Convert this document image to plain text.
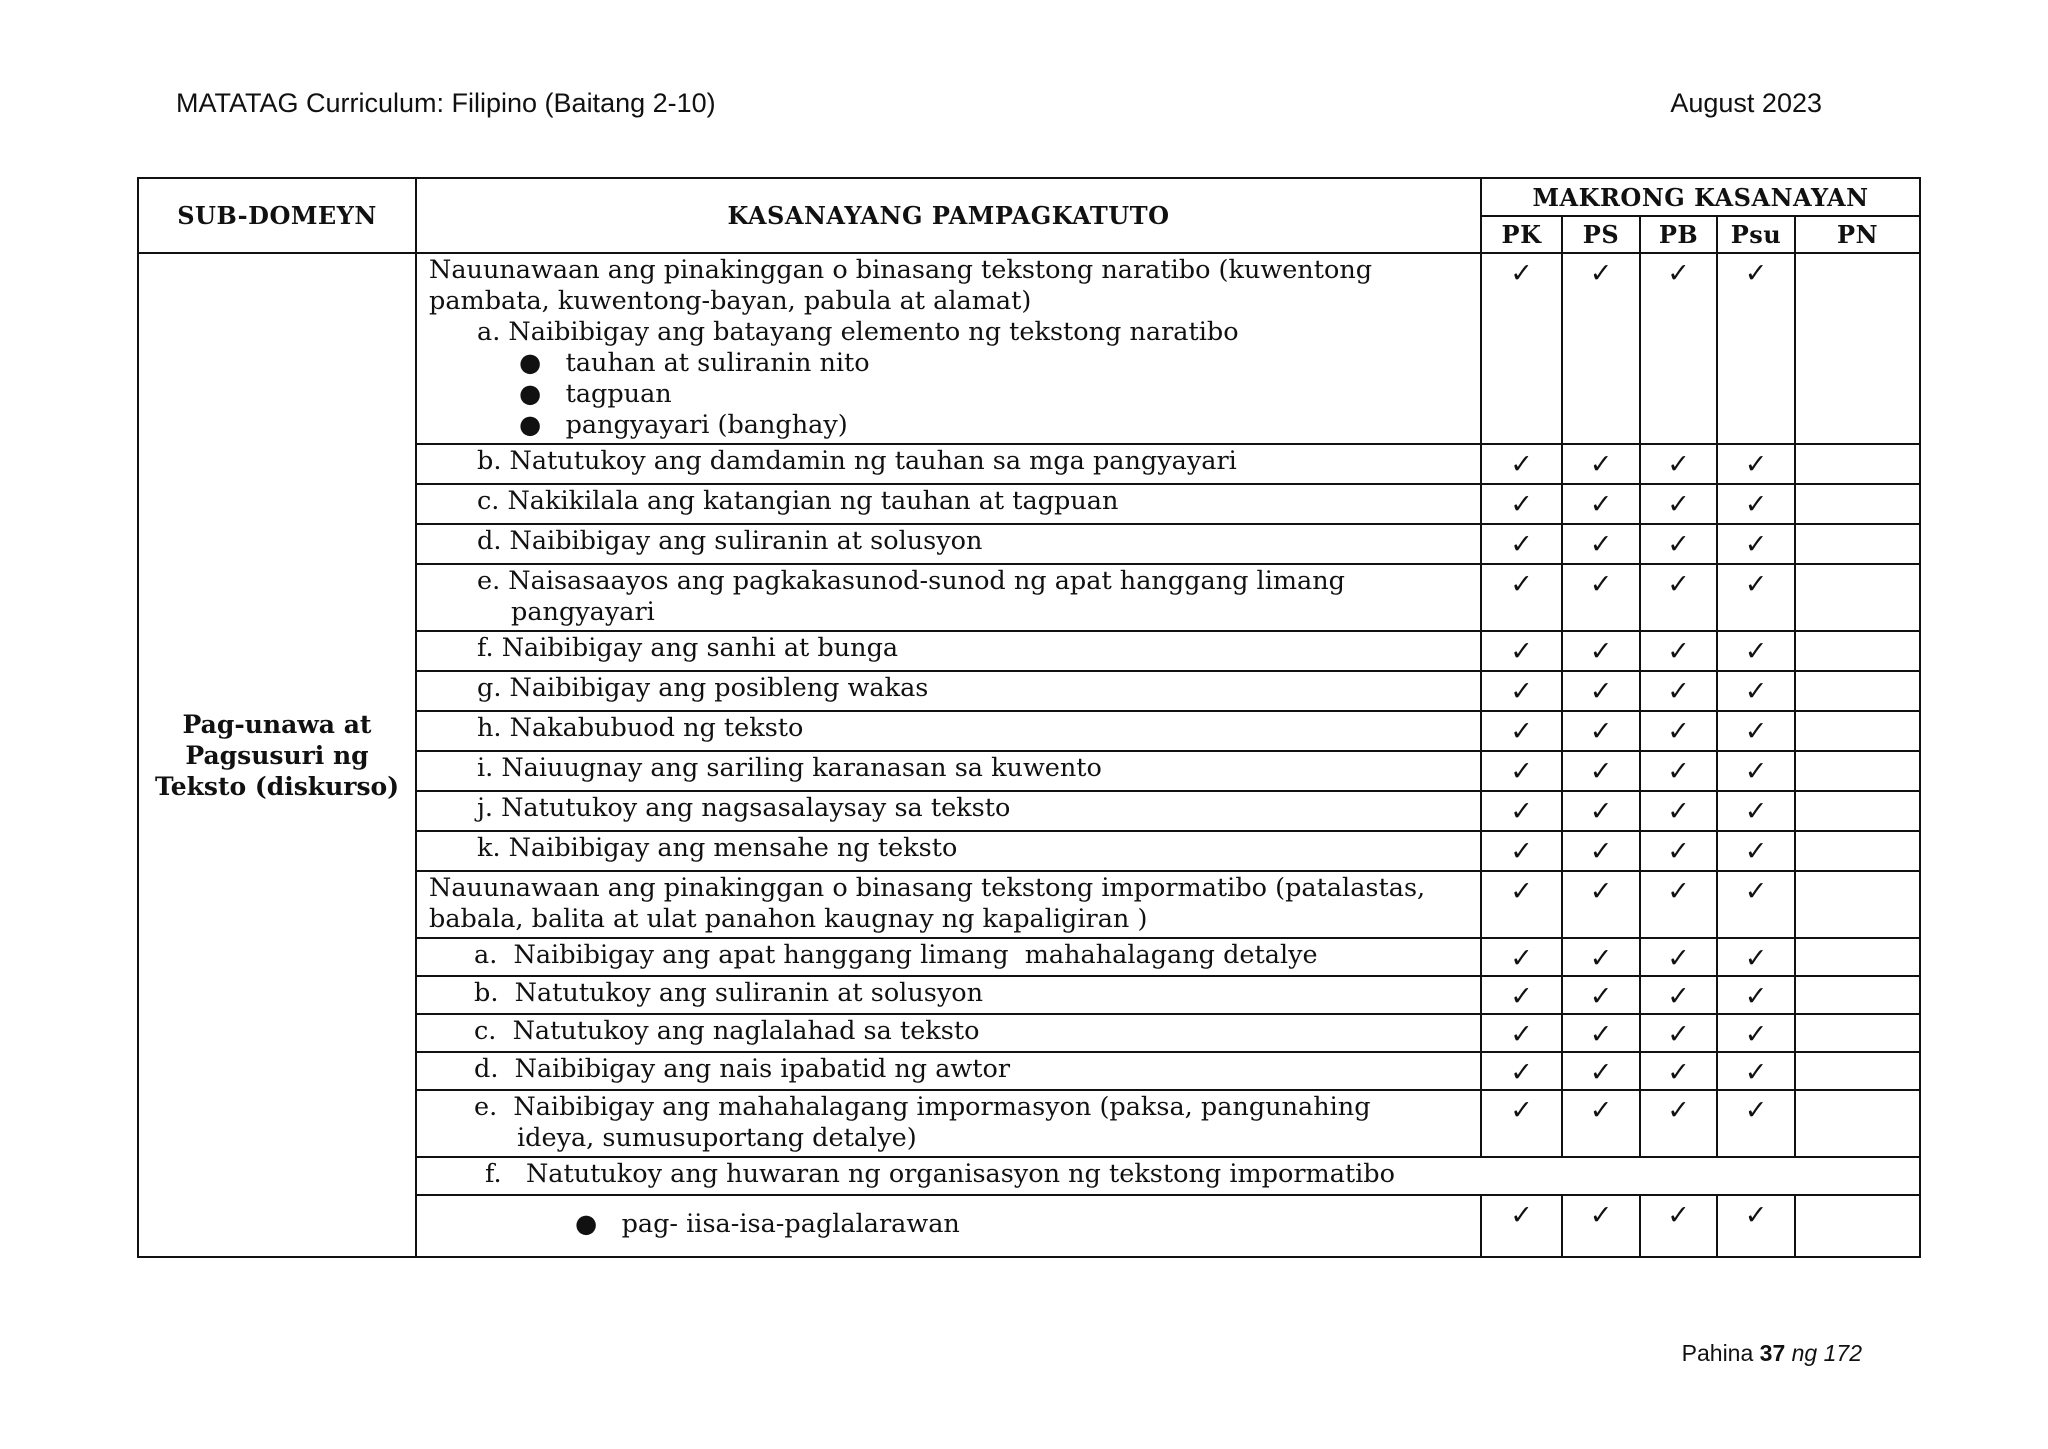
MATATAG Curriculum: Filipino (Baitang 2-10)	August 2023
SUB-DOMEYN	KASANAYANG PAMPAGKATUTO	MAKRONG KASANAYAN				
		PK	PS	PB	Psu	PN
Pag-unawa at Pagsusuri ng Teksto (diskurso)	Nauunawaan ang pinakinggan o binasang tekstong naratibo (kuwentong pambata, kuwentong-bayan, pabula at alamat)
a. Naibibigay ang batayang elemento ng tekstong naratibo
●   tauhan at suliranin nito
●   tagpuan
●   pangyayari (banghay)	✓	✓	✓	✓	

	b. Natutukoy ang damdamin ng tauhan sa mga pangyayari	✓	✓	✓	✓	

	c. Nakikilala ang katangian ng tauhan at tagpuan	✓	✓	✓	✓	

	d. Naibibigay ang suliranin at solusyon	✓	✓	✓	✓	

	e. Naisasaayos ang pagkakasunod-sunod ng apat hanggang limang
pangyayari	✓	✓	✓	✓	

	f. Naibibigay ang sanhi at bunga	✓	✓	✓	✓	

	g. Naibibigay ang posibleng wakas	✓	✓	✓	✓	

	h. Nakabubuod ng teksto	✓	✓	✓	✓	

	i. Naiuugnay ang sariling karanasan sa kuwento	✓	✓	✓	✓	

	j. Natutukoy ang nagsasalaysay sa teksto	✓	✓	✓	✓	

	k. Naibibigay ang mensahe ng teksto	✓	✓	✓	✓	

	Nauunawaan ang pinakinggan o binasang tekstong impormatibo (patalastas, babala, balita at ulat panahon kaugnay ng kapaligiran )	✓	✓	✓	✓	

	a.  Naibibigay ang apat hanggang limang  mahahalagang detalye	✓	✓	✓	✓	

	b.  Natutukoy ang suliranin at solusyon	✓	✓	✓	✓	

	c.  Natutukoy ang naglalahad sa teksto	✓	✓	✓	✓	

	d.  Naibibigay ang nais ipabatid ng awtor	✓	✓	✓	✓	

	e.  Naibibigay ang mahahalagang impormasyon (paksa, pangunahing
ideya, sumusuportang detalye)	✓	✓	✓	✓	

	f.   Natutukoy ang huwaran ng organisasyon ng tekstong impormatibo					

	●   pag- iisa-isa-paglalarawan	✓	✓	✓	✓	
Pahina 37 ng 172
